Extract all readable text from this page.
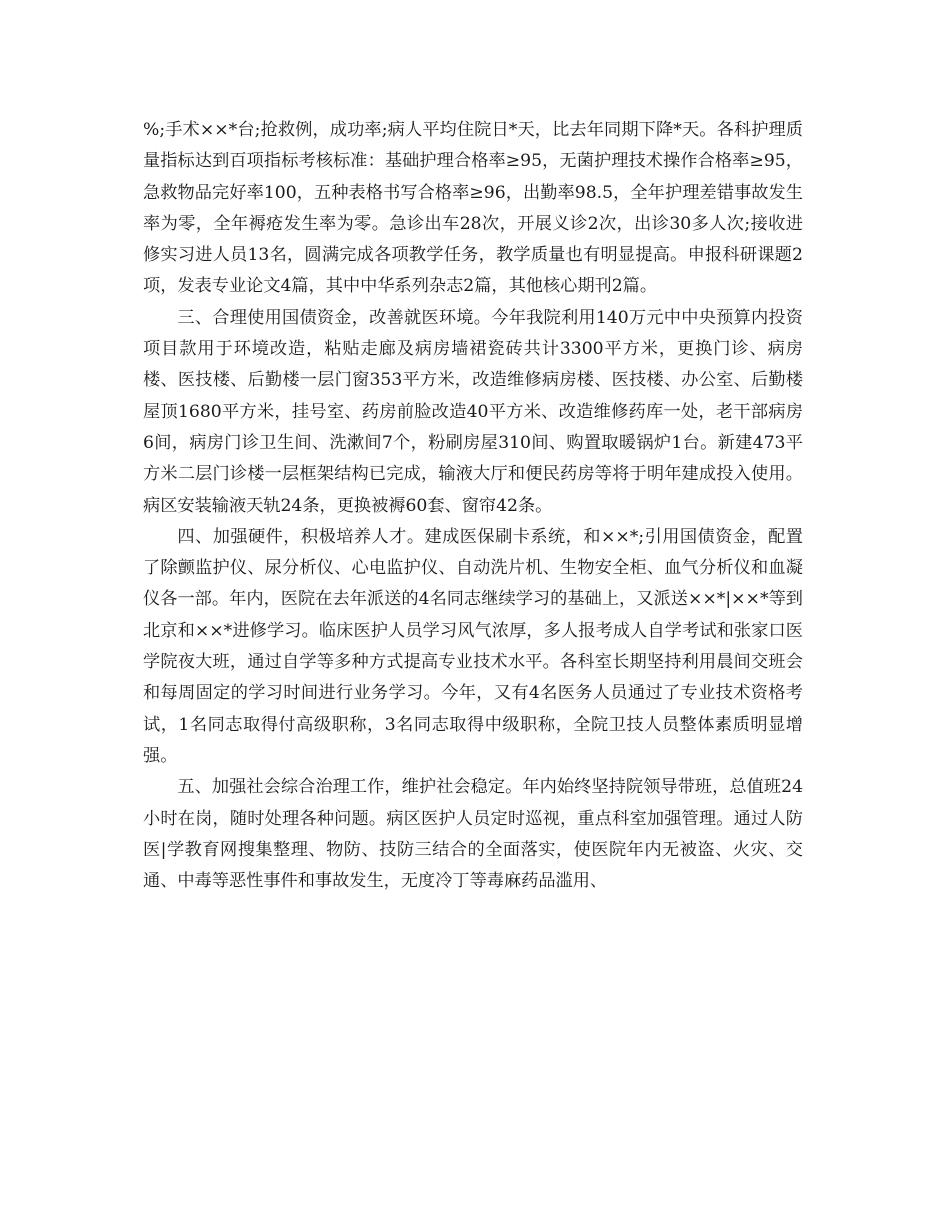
%;手术××*台;抢救例，成功率;病人平均住院日*天，比去年同期下降*天。各科护理质量指标达到百项指标考核标准：基础护理合格率≥95，无菌护理技术操作合格率≥95，急救物品完好率100，五种表格书写合格率≥96，出勤率98.5，全年护理差错事故发生率为零，全年褥疮发生率为零。急诊出车28次，开展义诊2次，出诊30多人次;接收进修实习进人员13名，圆满完成各项教学任务，教学质量也有明显提高。申报科研课题2项，发表专业论文4篇，其中中华系列杂志2篇，其他核心期刊2篇。

三、合理使用国债资金，改善就医环境。今年我院利用140万元中中央预算内投资项目款用于环境改造，粘贴走廊及病房墙裙瓷砖共计3300平方米，更换门诊、病房楼、医技楼、后勤楼一层门窗353平方米，改造维修病房楼、医技楼、办公室、后勤楼屋顶1680平方米，挂号室、药房前脸改造40平方米、改造维修药库一处，老干部病房6间，病房门诊卫生间、洗漱间7个，粉刷房屋310间、购置取暖锅炉1台。新建473平方米二层门诊楼一层框架结构已完成，输液大厅和便民药房等将于明年建成投入使用。病区安装输液天轨24条，更换被褥60套、窗帘42条。

四、加强硬件，积极培养人才。建成医保刷卡系统，和××*;引用国债资金，配置了除颤监护仪、尿分析仪、心电监护仪、自动洗片机、生物安全柜、血气分析仪和血凝仪各一部。年内，医院在去年派送的4名同志继续学习的基础上，又派送××*|××*等到北京和××*进修学习。临床医护人员学习风气浓厚，多人报考成人自学考试和张家口医学院夜大班，通过自学等多种方式提高专业技术水平。各科室长期坚持利用晨间交班会和每周固定的学习时间进行业务学习。今年，又有4名医务人员通过了专业技术资格考试，1名同志取得付高级职称，3名同志取得中级职称，全院卫技人员整体素质明显增强。

五、加强社会综合治理工作，维护社会稳定。年内始终坚持院领导带班，总值班24小时在岗，随时处理各种问题。病区医护人员定时巡视，重点科室加强管理。通过人防医|学教育网搜集整理、物防、技防三结合的全面落实，使医院年内无被盗、火灾、交通、中毒等恶性事件和事故发生，无度冷丁等毒麻药品滥用、
